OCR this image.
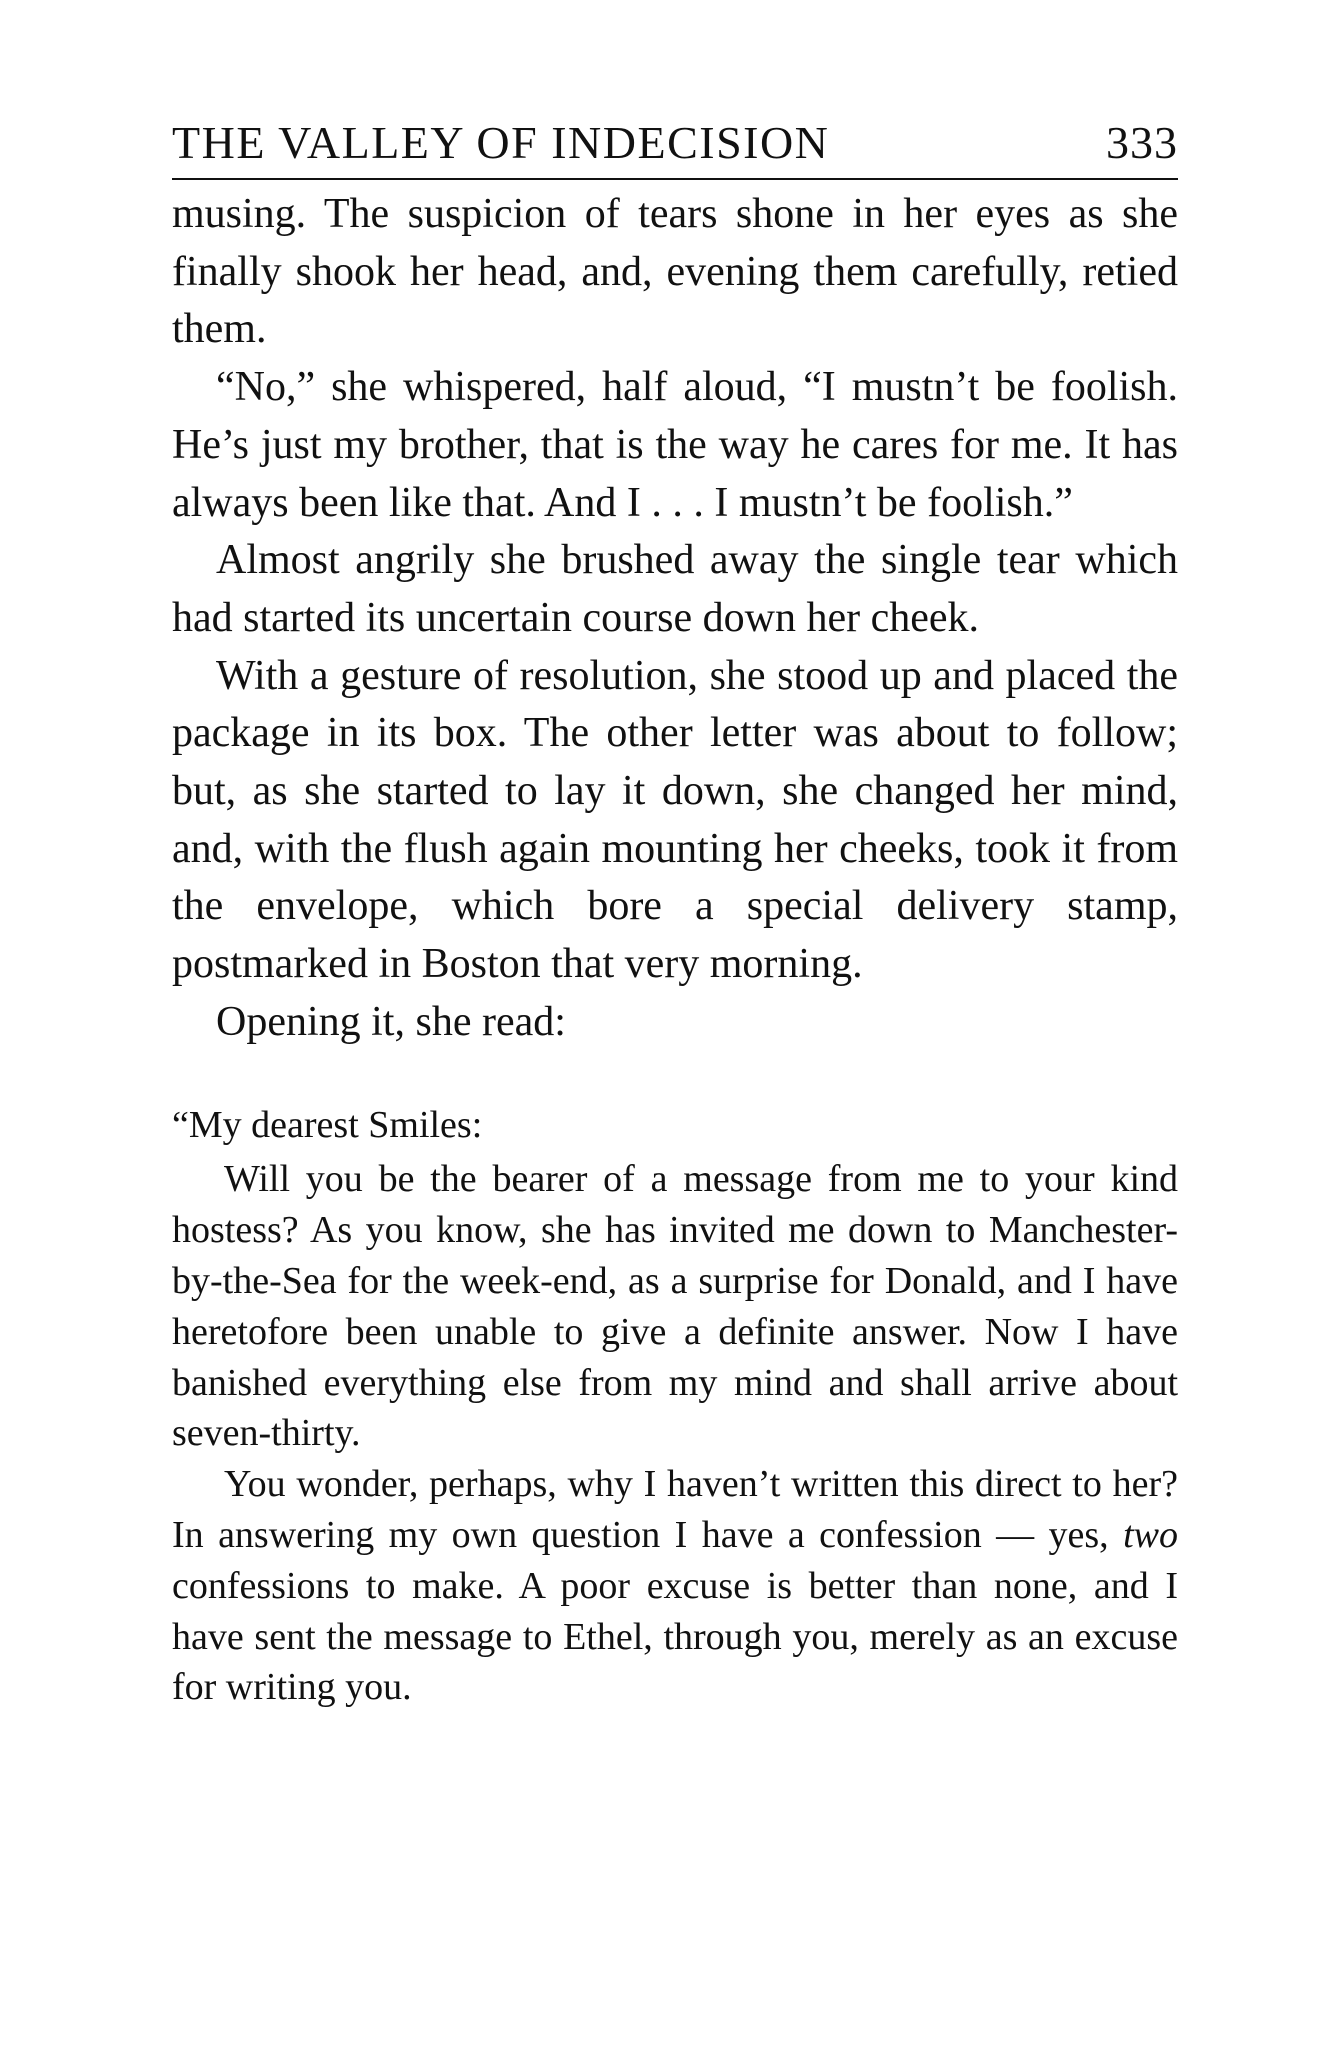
THE VALLEY OF INDECISION	333

musing. The suspicion of tears shone in her eyes as she finally shook her head, and, evening them carefully, retied them.

“No,” she whispered, half aloud, “I mustn’t be foolish. He’s just my brother, that is the way he cares for me. It has always been like that. And I . . . I mustn’t be foolish.”

Almost angrily she brushed away the single tear which had started its uncertain course down her cheek.

With a gesture of resolution, she stood up and placed the package in its box. The other letter was about to follow; but, as she started to lay it down, she changed her mind, and, with the flush again mounting her cheeks, took it from the envelope, which bore a special delivery stamp, postmarked in Boston that very morning.

Opening it, she read:

“My dearest Smiles:

Will you be the bearer of a message from me to your kind hostess? As you know, she has invited me down to Manchester-by-the-Sea for the week-end, as a surprise for Donald, and I have heretofore been unable to give a definite answer. Now I have banished everything else from my mind and shall arrive about seven-thirty.

You wonder, perhaps, why I haven’t written this direct to her? In answering my own question I have a confession — yes, two confessions to make. A poor excuse is better than none, and I have sent the message to Ethel, through you, merely as an excuse for writing you.
